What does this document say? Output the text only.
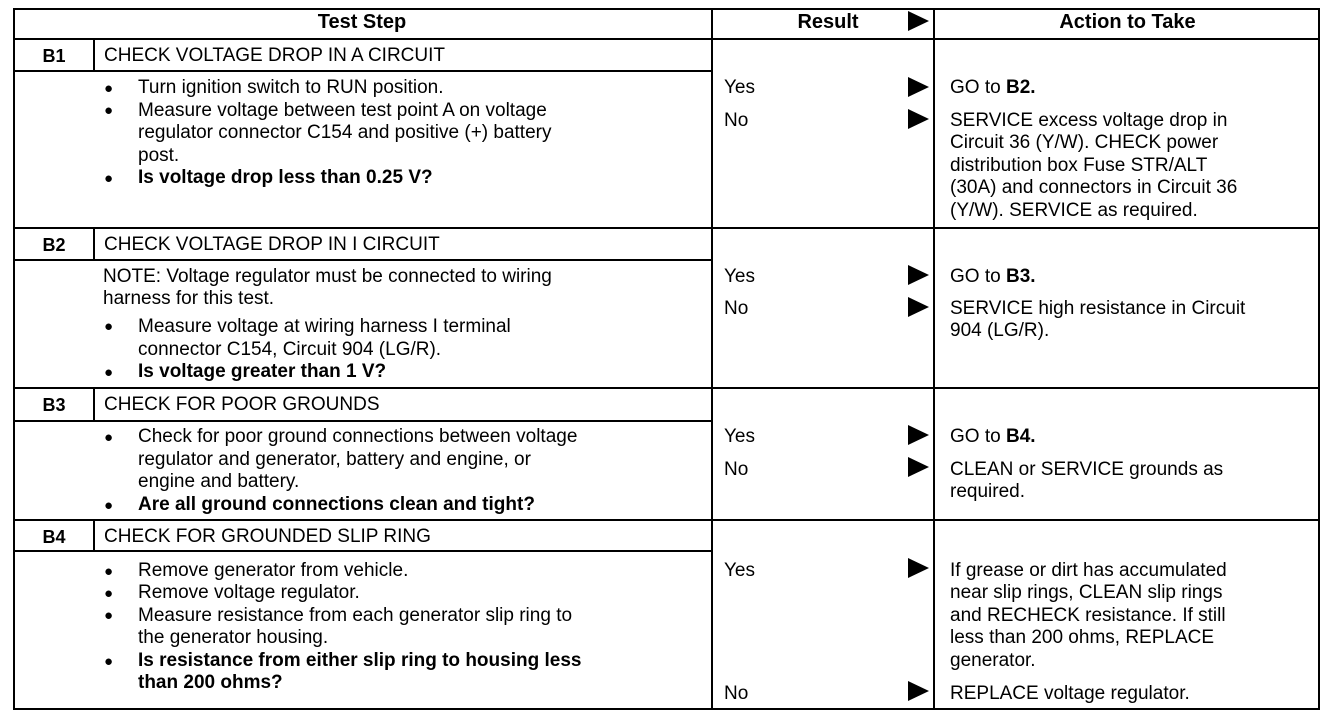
Test Step	Result	Action to Take
B1	CHECK VOLTAGE DROP IN A CIRCUIT
● Turn ignition switch to RUN position.
● Measure voltage between test point A on voltage
regulator connector C154 and positive (+) battery
post.
● Is voltage drop less than 0.25 V?
Yes	GO to B2.
No	SERVICE excess voltage drop in
Circuit 36 (Y/W). CHECK power
distribution box Fuse STR/ALT
(30A) and connectors in Circuit 36
(Y/W). SERVICE as required.
B2	CHECK VOLTAGE DROP IN I CIRCUIT
NOTE: Voltage regulator must be connected to wiring
harness for this test.
● Measure voltage at wiring harness I terminal
connector C154, Circuit 904 (LG/R).
● Is voltage greater than 1 V?
Yes	GO to B3.
No	SERVICE high resistance in Circuit
904 (LG/R).
B3	CHECK FOR POOR GROUNDS
● Check for poor ground connections between voltage
regulator and generator, battery and engine, or
engine and battery.
● Are all ground connections clean and tight?
Yes	GO to B4.
No	CLEAN or SERVICE grounds as
required.
B4	CHECK FOR GROUNDED SLIP RING
● Remove generator from vehicle.
● Remove voltage regulator.
● Measure resistance from each generator slip ring to
the generator housing.
● Is resistance from either slip ring to housing less
than 200 ohms?
Yes	If grease or dirt has accumulated
near slip rings, CLEAN slip rings
and RECHECK resistance. If still
less than 200 ohms, REPLACE
generator.
No	REPLACE voltage regulator.
